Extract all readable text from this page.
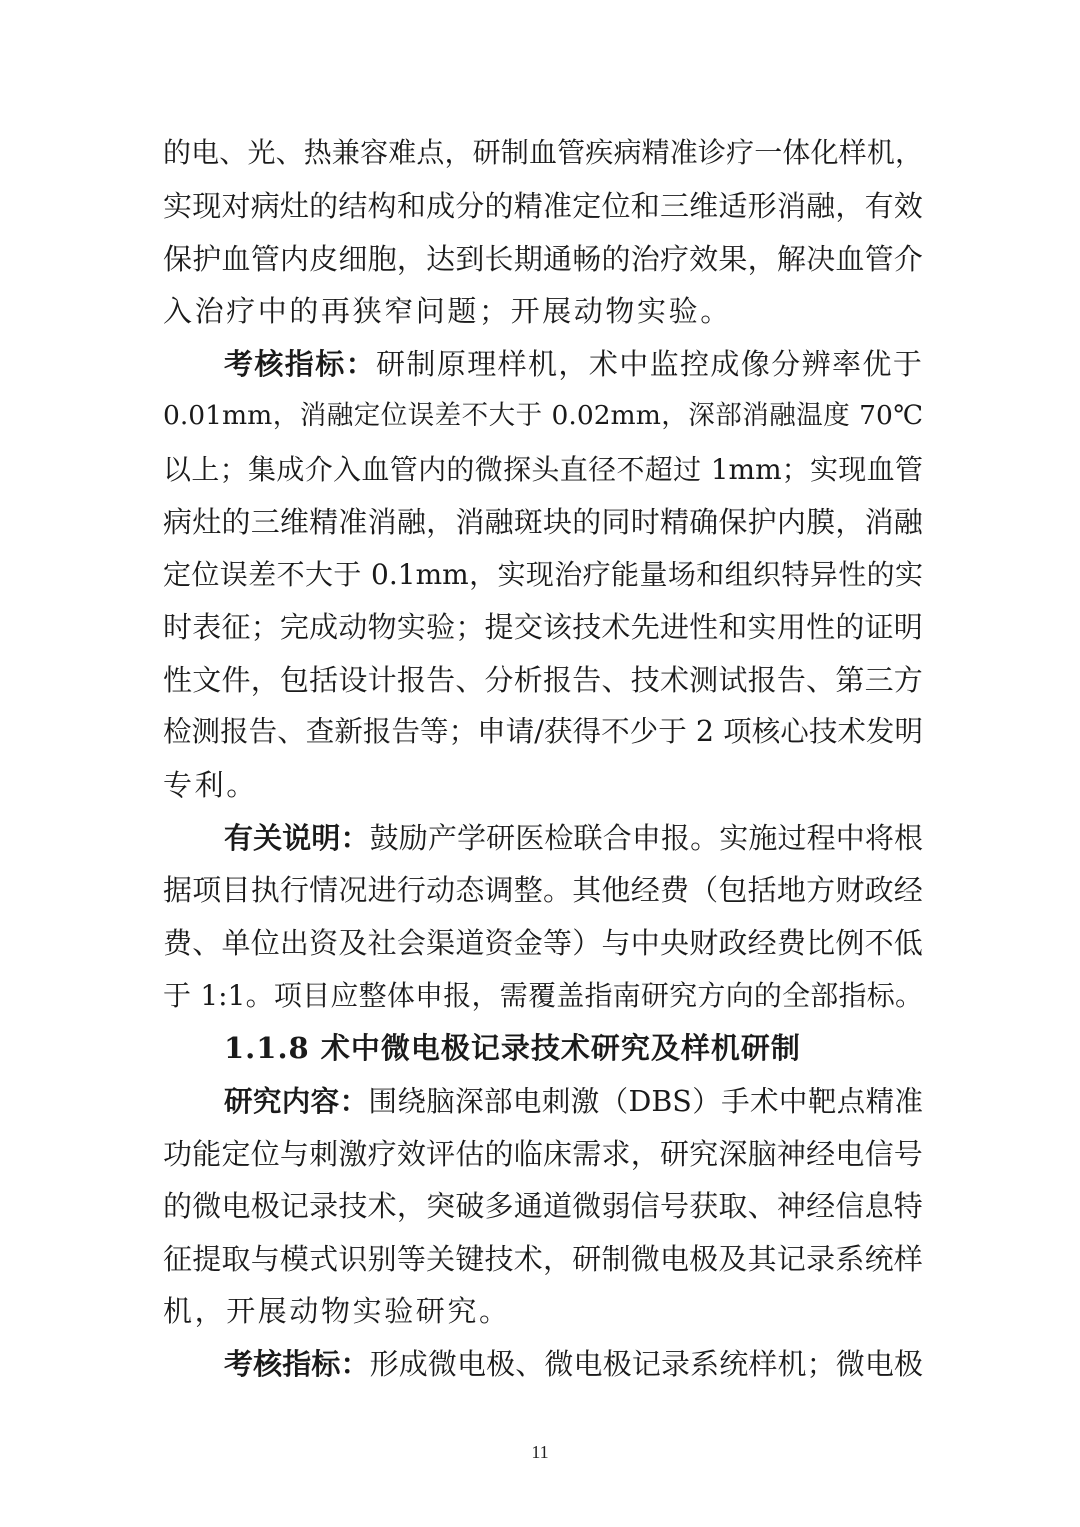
的电、光、热兼容难点，研制血管疾病精准诊疗一体化样机，
实现对病灶的结构和成分的精准定位和三维适形消融，有效
保护血管内皮细胞，达到长期通畅的治疗效果，解决血管介
入治疗中的再狭窄问题；开展动物实验。
考核指标：研制原理样机，术中监控成像分辨率优于
0.01mm，消融定位误差不大于 0.02mm，深部消融温度 70℃
以上；集成介入血管内的微探头直径不超过 1mm；实现血管
病灶的三维精准消融，消融斑块的同时精确保护内膜，消融
定位误差不大于 0.1mm，实现治疗能量场和组织特异性的实
时表征；完成动物实验；提交该技术先进性和实用性的证明
性文件，包括设计报告、分析报告、技术测试报告、第三方
检测报告、查新报告等；申请/获得不少于 2 项核心技术发明
专利。
有关说明：鼓励产学研医检联合申报。实施过程中将根
据项目执行情况进行动态调整。其他经费（包括地方财政经
费、单位出资及社会渠道资金等）与中央财政经费比例不低
于 1:1。项目应整体申报，需覆盖指南研究方向的全部指标。
1.1.8 术中微电极记录技术研究及样机研制
研究内容：围绕脑深部电刺激（DBS）手术中靶点精准
功能定位与刺激疗效评估的临床需求，研究深脑神经电信号
的微电极记录技术，突破多通道微弱信号获取、神经信息特
征提取与模式识别等关键技术，研制微电极及其记录系统样
机，开展动物实验研究。
考核指标：形成微电极、微电极记录系统样机；微电极
11
